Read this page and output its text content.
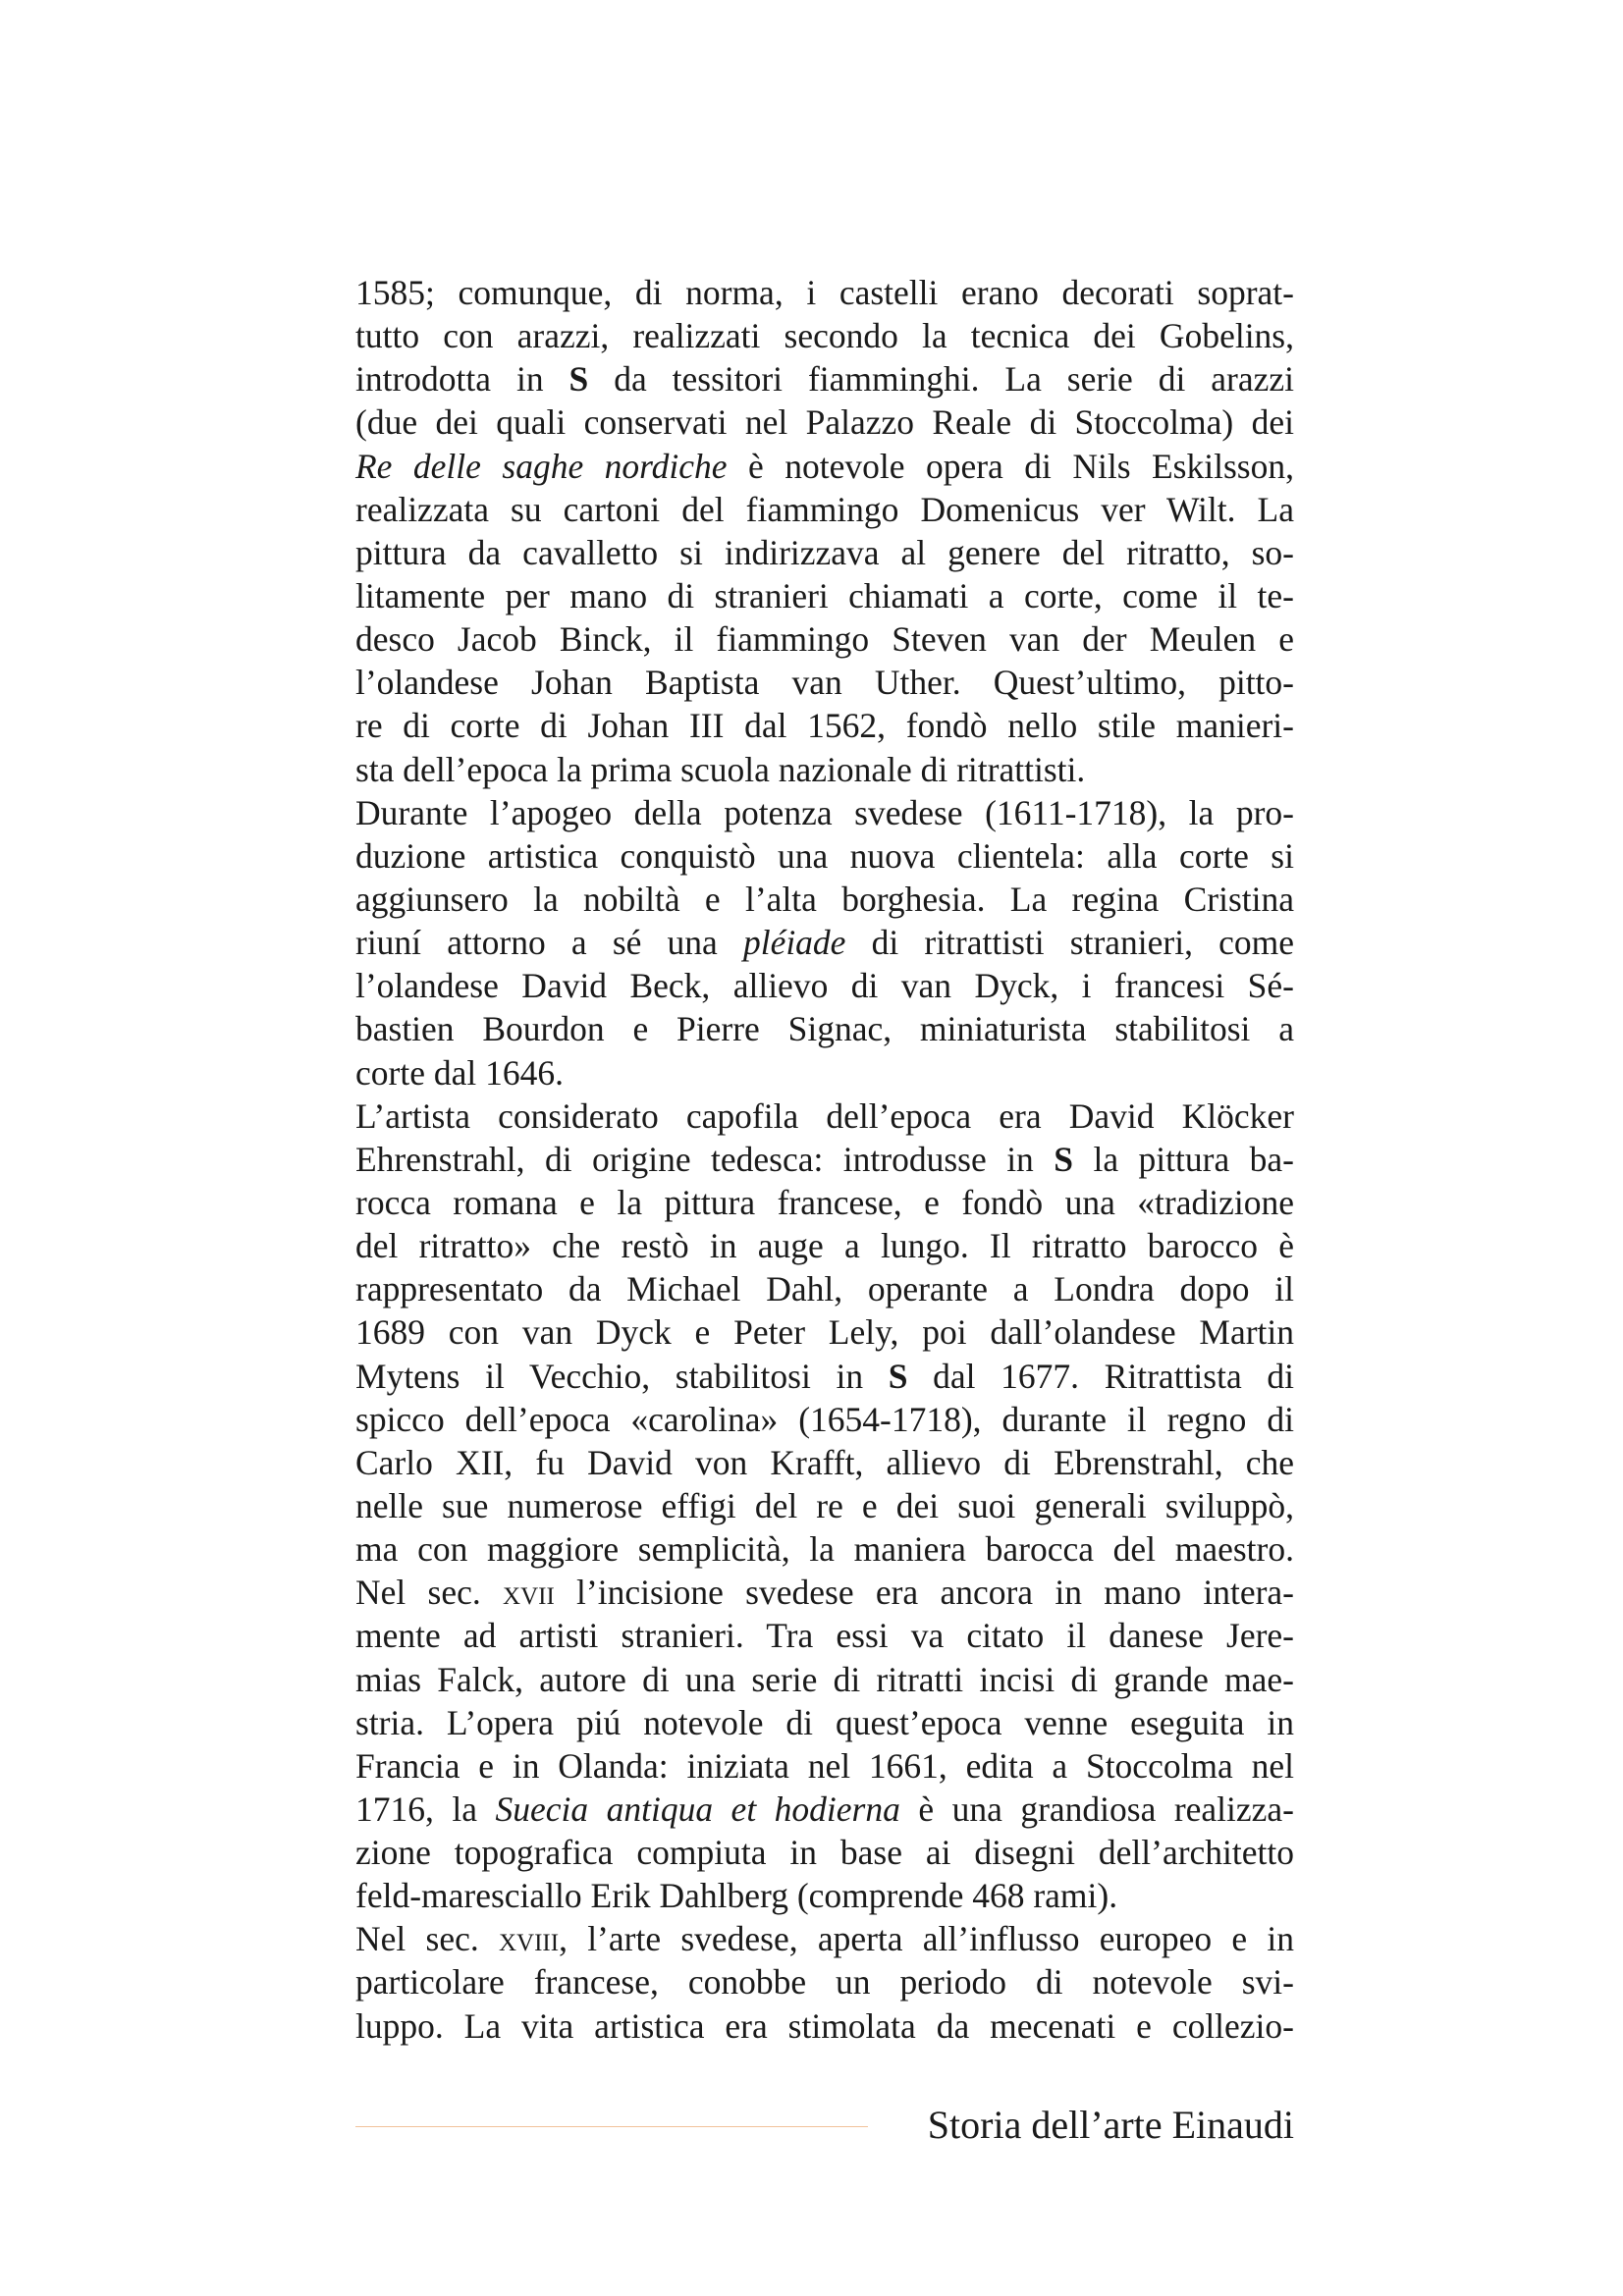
1585; comunque, di norma, i castelli erano decorati soprat-
tutto con arazzi, realizzati secondo la tecnica dei Gobelins,
introdotta in S da tessitori fiamminghi. La serie di arazzi
(due dei quali conservati nel Palazzo Reale di Stoccolma) dei
Re delle saghe nordiche è notevole opera di Nils Eskilsson,
realizzata su cartoni del fiammingo Domenicus ver Wilt. La
pittura da cavalletto si indirizzava al genere del ritratto, so-
litamente per mano di stranieri chiamati a corte, come il te-
desco Jacob Binck, il fiammingo Steven van der Meulen e
l’olandese Johan Baptista van Uther. Quest’ultimo, pitto-
re di corte di Johan III dal 1562, fondò nello stile manieri-
sta dell’epoca la prima scuola nazionale di ritrattisti.
Durante l’apogeo della potenza svedese (1611-1718), la pro-
duzione artistica conquistò una nuova clientela: alla corte si
aggiunsero la nobiltà e l’alta borghesia. La regina Cristina
riuní attorno a sé una pléiade di ritrattisti stranieri, come
l’olandese David Beck, allievo di van Dyck, i francesi Sé-
bastien Bourdon e Pierre Signac, miniaturista stabilitosi a
corte dal 1646.
L’artista considerato capofila dell’epoca era David Klöcker
Ehrenstrahl, di origine tedesca: introdusse in S la pittura ba-
rocca romana e la pittura francese, e fondò una «tradizione
del ritratto» che restò in auge a lungo. Il ritratto barocco è
rappresentato da Michael Dahl, operante a Londra dopo il
1689 con van Dyck e Peter Lely, poi dall’olandese Martin
Mytens il Vecchio, stabilitosi in S dal 1677. Ritrattista di
spicco dell’epoca «carolina» (1654-1718), durante il regno di
Carlo XII, fu David von Krafft, allievo di Ebrenstrahl, che
nelle sue numerose effigi del re e dei suoi generali sviluppò,
ma con maggiore semplicità, la maniera barocca del maestro.
Nel sec. xvii l’incisione svedese era ancora in mano intera-
mente ad artisti stranieri. Tra essi va citato il danese Jere-
mias Falck, autore di una serie di ritratti incisi di grande mae-
stria. L’opera piú notevole di quest’epoca venne eseguita in
Francia e in Olanda: iniziata nel 1661, edita a Stoccolma nel
1716, la Suecia antiqua et hodierna è una grandiosa realizza-
zione topografica compiuta in base ai disegni dell’architetto
feld-maresciallo Erik Dahlberg (comprende 468 rami).
Nel sec. xviii, l’arte svedese, aperta all’influsso europeo e in
particolare francese, conobbe un periodo di notevole svi-
luppo. La vita artistica era stimolata da mecenati e collezio-
Storia dell’arte Einaudi
